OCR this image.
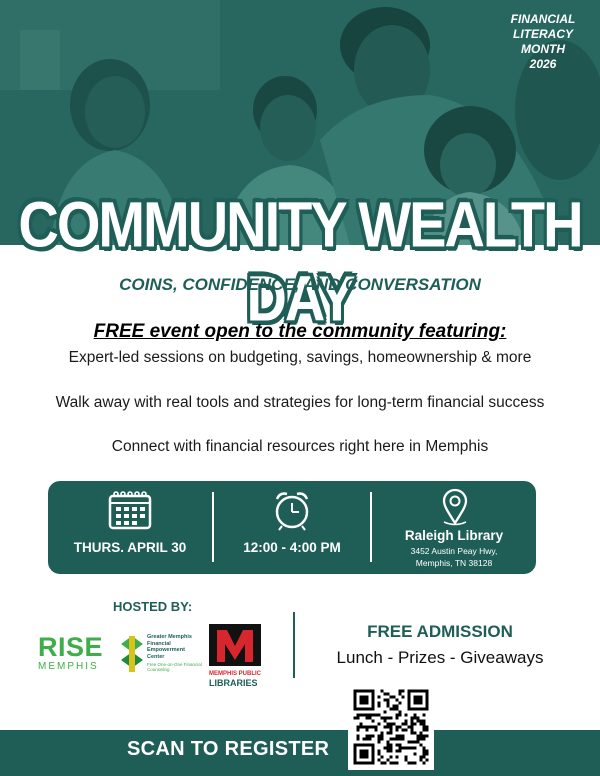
FINANCIAL
LITERACY
MONTH
2026
COMMUNITY WEALTH DAY
COINS, CONFIDENCE, AND CONVERSATION
FREE event open to the community featuring:
Expert-led sessions on budgeting, savings, homeownership & more
Walk away with real tools and strategies for long-term financial success
Connect with financial resources right here in Memphis
THURS. APRIL 30	12:00 - 4:00 PM
Raleigh Library
3452 Austin Peay Hwy,
Memphis, TN 38128
HOSTED BY:
RISE
MEMPHIS
Greater Memphis
Financial
Empowerment
Center
Free One-on-One Financial Counseling
MEMPHIS PUBLIC
LIBRARIES
FREE ADMISSION
Lunch - Prizes - Giveaways
SCAN TO REGISTER
